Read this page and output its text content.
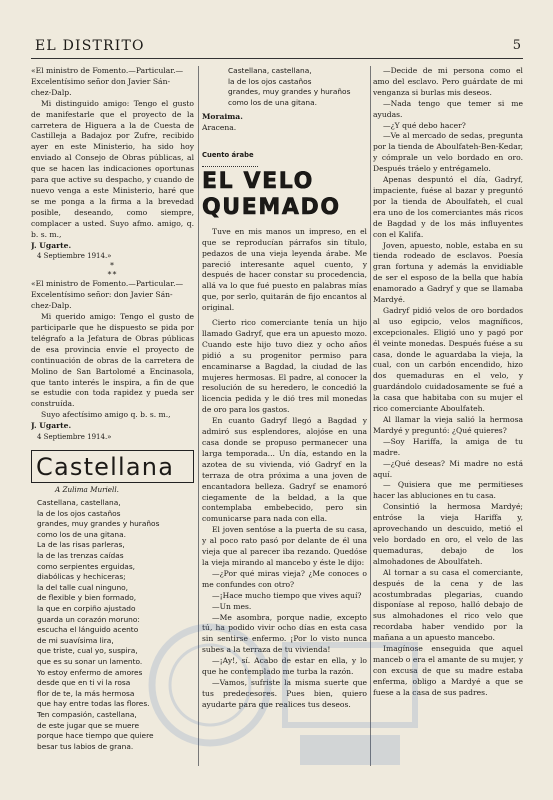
EL DISTRITO	5

«El ministro de Fomento.—Particular.—

Excelentísimo señor don Javier Sán-

chez-Dalp.

Mi distinguido amigo: Tengo el gusto de manifestarle que el proyecto de la carretera de Higuera a la de Cuesta de Castilleja a Badajoz por Zufre, recibido ayer en este Ministerio, ha sido hoy enviado al Consejo de Obras públicas, al que se hacen las indicaciones oportunas para que active su despacho, y cuando de nuevo venga a este Ministerio, haré que se me ponga a la firma a la brevedad posible, deseando, como siempre, complacer a usted. Suyo afmo. amigo, q. b. s. m.,

J. Ugarte.

4 Septiembre 1914.»

*
**

«El ministro de Fomento.—Particular.—

Excelentísimo señor: don Javier Sán-

chez-Dalp.

Mi querido amigo: Tengo el gusto de participarle que he dispuesto se pida por telégrafo a la Jefatura de Obras públicas de esa provincia envíe el proyecto de continuación de obras de la carretera de Molino de San Bartolomé a Encinasola, que tanto interés le inspira, a fin de que se estudie con toda rapidez y pueda ser construída.

Suyo afectísimo amigo q. b. s. m.,

J. Ugarte.

4 Septiembre 1914.»

Castellana

A Zulima Muriell.

Castellana, castellana,
la de los ojos castaños
grandes, muy grandes y huraños
como los de una gitana.
La de las risas parleras,
la de las trenzas caídas
como serpientes erguidas,
diabólicas y hechiceras;
la del talle cual ninguno,
de flexible y bien formado,
la que en corpiño ajustado
guarda un corazón moruno:
escucha el lánguido acento
de mi suavísima lira,
que triste, cual yo, suspira,
que es su sonar un lamento.
Yo estoy enfermo de amores
desde que en ti vi la rosa
flor de te, la más hermosa
que hay entre todas las flores.
Ten compasión, castellana,
de este jugar que se muere
porque hace tiempo que quiere
besar tus labios de grana.

Castellana, castellana,
la de los ojos castaños
grandes, muy grandes y huraños
como los de una gitana.

Moraima.

Aracena.

Cuento árabe

EL VELO QUEMADO

Tuve en mis manos un impreso, en el que se reproducían párrafos sin título, pedazos de una vieja leyenda árabe. Me pareció interesante aquel cuento, y después de hacer constar su procedencia, allá va lo que fué puesto en palabras mías que, por serlo, quitarán de fijo encantos al original.

Cierto rico comerciante tenía un hijo llamado Gadryf, que era un apuesto mozo. Cuando este hijo tuvo diez y ocho años pidió a su progenitor permiso para encaminarse a Bagdad, la ciudad de las mujeres hermosas. El padre, al conocer la resolución de su heredero, le concedió la licencia pedida y le dió tres mil monedas de oro para los gastos.

En cuanto Gadryf llegó a Bagdad y admiró sus esplendores, alojóse en una casa donde se propuso permanecer una larga temporada... Un día, estando en la azotea de su vivienda, vió Gadryf en la terraza de otra próxima a una joven de encantadora belleza. Gadryf se enamoró ciegamente de la beldad, a la que contemplaba embebecido, pero sin comunicarse para nada con ella.

El joven sentóse a la puerta de su casa, y al poco rato pasó por delante de él una vieja que al parecer iba rezando. Quedóse la vieja mirando al mancebo y éste le dijo:

—¿Por qué miras vieja? ¿Me conoces o me confundes con otro?

—¡Hace mucho tiempo que vives aquí?

—Un mes.

—Me asombra, porque nadie, excepto tú, ha podido vivir ocho días en esta casa sin sentirse enfermo. ¡Por lo visto nunca subes a la terraza de tu vivienda!

—¡Ay!, sí. Acabo de estar en ella, y lo que he contemplado me turba la razón.

—Vamos, sufriste la misma suerte que tus predecesores. Pues bien, quiero ayudarte para que realices tus deseos.

—Decide de mi persona como el amo del esclavo. Pero guárdate de mi venganza si burlas mis deseos.

—Nada tengo que temer si me ayudas.

—¿Y qué debo hacer?

—Ve al mercado de sedas, pregunta por la tienda de Aboulfateh-Ben-Kedar, y cómprale un velo bordado en oro. Después tráelo y entrégamelo.

Apenas despuntó el día, Gadryf, impaciente, fuése al bazar y preguntó por la tienda de Aboulfateh, el cual era uno de los comerciantes más ricos de Bagdad y de los más influyentes con el Kalifa.

Joven, apuesto, noble, estaba en su tienda rodeado de esclavos. Poesía gran fortuna y además la envidiable de ser el esposo de la bella que había enamorado a Gadryf y que se llamaba Mardyé.

Gadryf pidió velos de oro bordados al uso egipcio, velos magníficos, excepcionales. Eligió uno y pagó por él veinte monedas. Después fuése a su casa, donde le aguardaba la vieja, la cual, con un carbón encendido, hizo dos quemaduras en el velo, y guardándolo cuidadosamente se fué a la casa que habitaba con su mujer el rico comerciante Aboulfateh.

Al llamar la vieja salió la hermosa Mardyé y preguntó: ¿Qué quieres?

—Soy Hariffa, la amiga de tu madre.

—¿Qué deseas? Mi madre no está aquí.

— Quisiera que me permitieses hacer las abluciones en tu casa.

Consintió la hermosa Mardyé; entróse la vieja Hariffa y, aprovechando un descuido, metió el velo bordado en oro, el velo de las quemaduras, debajo de los almohadones de Aboulfateh.

Al tornar a su casa el comerciante, después de la cena y de las acostumbradas plegarias, cuando disponíase al reposo, halló debajo de sus almohadones el rico velo que recordaba haber vendido por la mañana a un apuesto mancebo.

Imagínose enseguida que aquel manceb o era el amante de su mujer, y con excusa de que su madre estaba enferma, obligo a Mardyé a que se fuese a la casa de sus padres.
